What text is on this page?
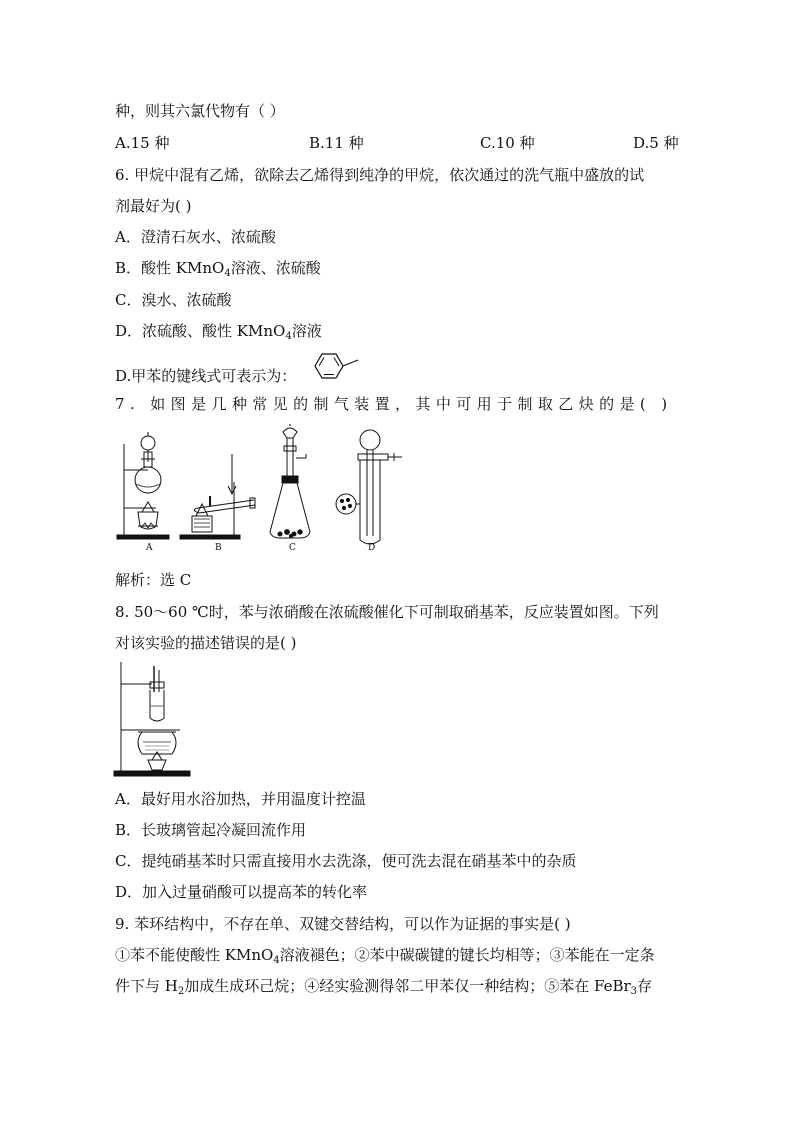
种，则其六氯代物有（ ）
A.15 种	B.11 种	C.10 种	D.5 种
6. 甲烷中混有乙烯，欲除去乙烯得到纯净的甲烷，依次通过的洗气瓶中盛放的试
剂最好为( )
A．澄清石灰水、浓硫酸
B．酸性 KMnO$_4$溶液、浓硫酸
C．溴水、浓硫酸
D．浓硫酸、酸性 KMnO$_4$溶液
D.甲苯的键线式可表示为：
7. 如图是几种常见的制气装置，其中可用于制取乙炔的是( )
A	B	C	D
解析：选 C
8. 50～60 ℃时，苯与浓硝酸在浓硫酸催化下可制取硝基苯，反应装置如图。下列
对该实验的描述错误的是( )
A．最好用水浴加热，并用温度计控温
B．长玻璃管起冷凝回流作用
C．提纯硝基苯时只需直接用水去洗涤，便可洗去混在硝基苯中的杂质
D．加入过量硝酸可以提高苯的转化率
9. 苯环结构中，不存在单、双键交替结构，可以作为证据的事实是( )
①苯不能使酸性 KMnO$_4$溶液褪色；②苯中碳碳键的键长均相等；③苯能在一定条
件下与 $H_2$加成生成环己烷；④经实验测得邻二甲苯仅一种结构；⑤苯在 FeBr$_3$存
